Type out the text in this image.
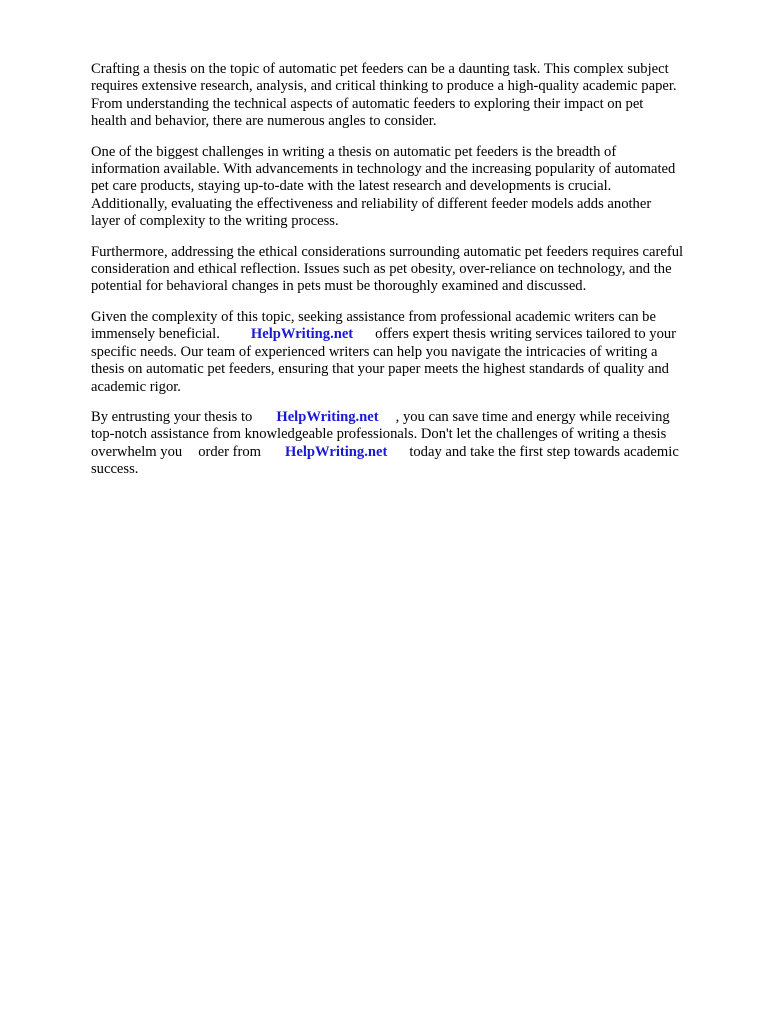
Crafting a thesis on the topic of automatic pet feeders can be a daunting task. This complex subject
requires extensive research, analysis, and critical thinking to produce a high-quality academic paper.
From understanding the technical aspects of automatic feeders to exploring their impact on pet
health and behavior, there are numerous angles to consider.

One of the biggest challenges in writing a thesis on automatic pet feeders is the breadth of
information available. With advancements in technology and the increasing popularity of automated
pet care products, staying up-to-date with the latest research and developments is crucial.
Additionally, evaluating the effectiveness and reliability of different feeder models adds another
layer of complexity to the writing process.

Furthermore, addressing the ethical considerations surrounding automatic pet feeders requires careful
consideration and ethical reflection. Issues such as pet obesity, over-reliance on technology, and the
potential for behavioral changes in pets must be thoroughly examined and discussed.

Given the complexity of this topic, seeking assistance from professional academic writers can be
immensely beneficial. HelpWriting.net offers expert thesis writing services tailored to your
specific needs. Our team of experienced writers can help you navigate the intricacies of writing a
thesis on automatic pet feeders, ensuring that your paper meets the highest standards of quality and
academic rigor.

By entrusting your thesis to HelpWriting.net , you can save time and energy while receiving
top-notch assistance from knowledgeable professionals. Don't let the challenges of writing a thesis
overwhelm you order from HelpWriting.net today and take the first step towards academic
success.
